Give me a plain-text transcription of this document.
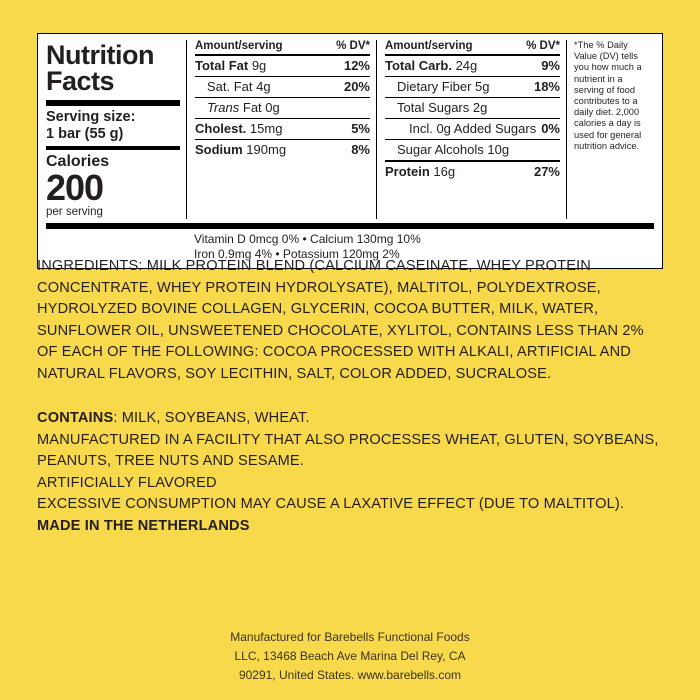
Nutrition
Facts
Serving size:
1 bar (55 g)
Calories
200
per serving
Amount/serving	% DV*
Total Fat 9g	12%
Sat. Fat 4g	20%
Trans Fat 0g
Cholest. 15mg	5%
Sodium 190mg	8%
Amount/serving	% DV*
Total Carb. 24g	9%
Dietary Fiber 5g	18%
Total Sugars 2g
Incl. 0g Added Sugars 0%
Sugar Alcohols 10g
Protein 16g	27%
*The % Daily Value (DV) tells you how much a nutrient in a serving of food contributes to a daily diet. 2,000 calories a day is used for general nutrition advice.
Vitamin D 0mcg 0% • Calcium 130mg 10%
Iron 0.9mg 4% • Potassium 120mg 2%
INGREDIENTS: MILK PROTEIN BLEND (CALCIUM CASEINATE, WHEY PROTEIN CONCENTRATE, WHEY PROTEIN HYDROLYSATE), MALTITOL, POLYDEXTROSE, HYDROLYZED BOVINE COLLAGEN, GLYCERIN, COCOA BUTTER, MILK, WATER, SUNFLOWER OIL, UNSWEETENED CHOCOLATE, XYLITOL, CONTAINS LESS THAN 2% OF EACH OF THE FOLLOWING: COCOA PROCESSED WITH ALKALI, ARTIFICIAL AND NATURAL FLAVORS, SOY LECITHIN, SALT, COLOR ADDED, SUCRALOSE.
CONTAINS: MILK, SOYBEANS, WHEAT.
MANUFACTURED IN A FACILITY THAT ALSO PROCESSES WHEAT, GLUTEN, SOYBEANS, PEANUTS, TREE NUTS AND SESAME.
ARTIFICIALLY FLAVORED
EXCESSIVE CONSUMPTION MAY CAUSE A LAXATIVE EFFECT (DUE TO MALTITOL).
MADE IN THE NETHERLANDS
Manufactured for Barebells Functional Foods
LLC, 13468 Beach Ave Marina Del Rey, CA
90291, United States. www.barebells.com
